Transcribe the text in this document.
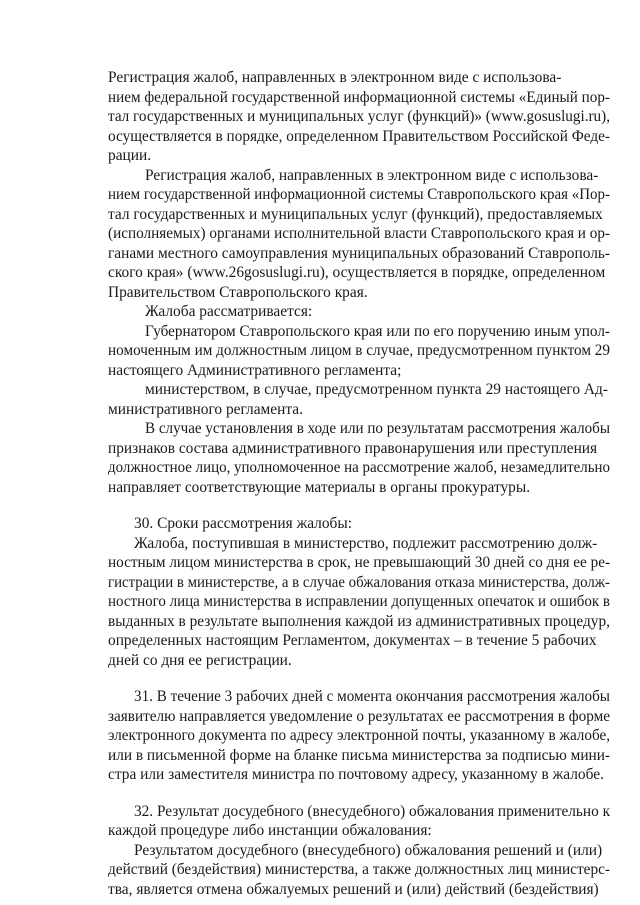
Регистрация жалоб, направленных в электронном виде с использова-
нием федеральной государственной информационной системы «Единый пор-
тал государственных и муниципальных услуг (функций)» (www.gosuslugi.ru),
осуществляется в порядке, определенном Правительством Российской Феде-
рации.
Регистрация жалоб, направленных в электронном виде с использова-
нием государственной информационной системы Ставропольского края «Пор-
тал государственных и муниципальных услуг (функций), предоставляемых
(исполняемых) органами исполнительной власти Ставропольского края и ор-
ганами местного самоуправления муниципальных образований Ставрополь-
ского края» (www.26gosuslugi.ru), осуществляется в порядке, определенном
Правительством Ставропольского края.
Жалоба рассматривается:
Губернатором Ставропольского края или по его поручению иным упол-
номоченным им должностным лицом в случае, предусмотренном пунктом 29
настоящего Административного регламента;
министерством, в случае, предусмотренном пункта 29 настоящего Ад-
министративного регламента.
В случае установления в ходе или по результатам рассмотрения жалобы
признаков состава административного правонарушения или преступления
должностное лицо, уполномоченное на рассмотрение жалоб, незамедлительно
направляет соответствующие материалы в органы прокуратуры.
30. Сроки рассмотрения жалобы:
Жалоба, поступившая в министерство, подлежит рассмотрению долж-
ностным лицом министерства в срок, не превышающий 30 дней со дня ее ре-
гистрации в министерстве, а в случае обжалования отказа министерства, долж-
ностного лица министерства в исправлении допущенных опечаток и ошибок в
выданных в результате выполнения каждой из административных процедур,
определенных настоящим Регламентом, документах – в течение 5 рабочих
дней со дня ее регистрации.
31. В течение 3 рабочих дней с момента окончания рассмотрения жалобы
заявителю направляется уведомление о результатах ее рассмотрения в форме
электронного документа по адресу электронной почты, указанному в жалобе,
или в письменной форме на бланке письма министерства за подписью мини-
стра или заместителя министра по почтовому адресу, указанному в жалобе.
32. Результат досудебного (внесудебного) обжалования применительно к
каждой процедуре либо инстанции обжалования:
Результатом досудебного (внесудебного) обжалования решений и (или)
действий (бездействия) министерства, а также должностных лиц министерс-
тва, является отмена обжалуемых решений и (или) действий (бездействия)
